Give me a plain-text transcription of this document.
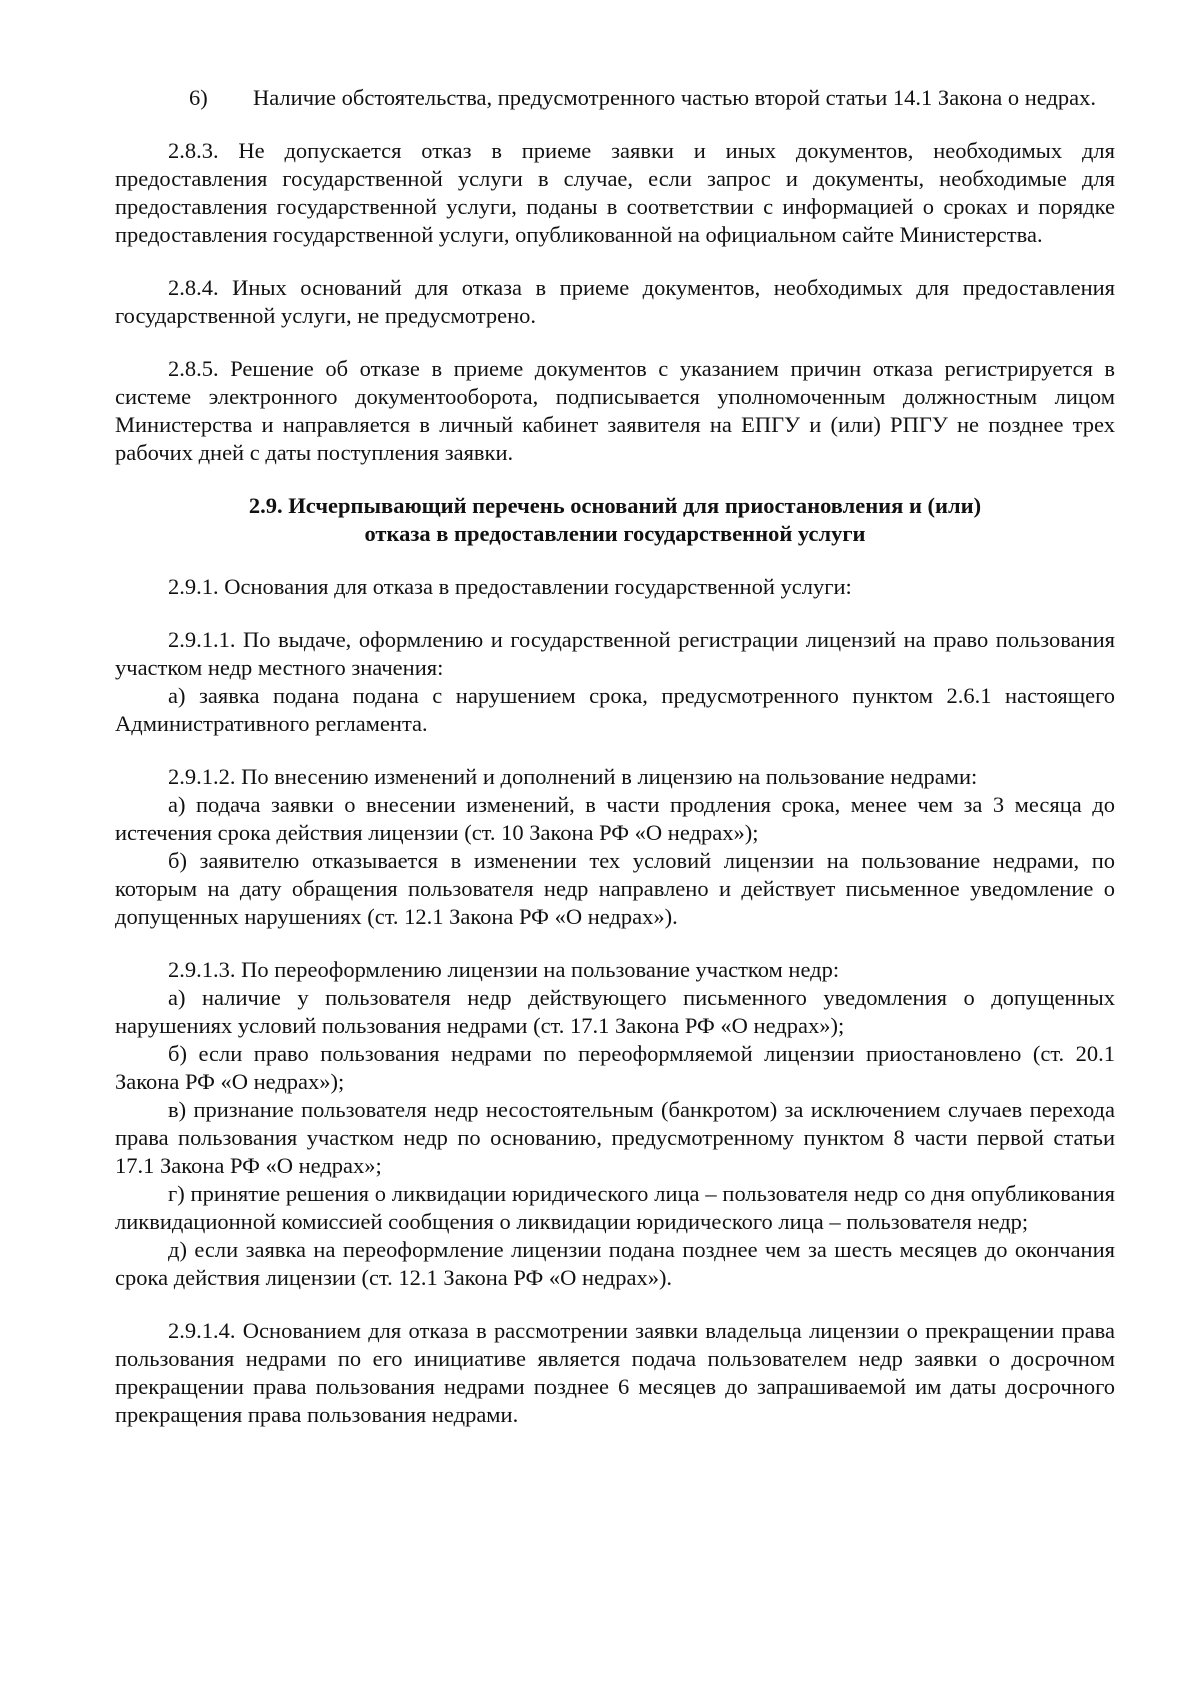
6) Наличие обстоятельства, предусмотренного частью второй статьи 14.1 Закона о недрах.

2.8.3. Не допускается отказ в приеме заявки и иных документов, необходимых для предоставления государственной услуги в случае, если запрос и документы, необходимые для предоставления государственной услуги, поданы в соответствии с информацией о сроках и порядке предоставления государственной услуги, опубликованной на официальном сайте Министерства.

2.8.4. Иных оснований для отказа в приеме документов, необходимых для предоставления государственной услуги, не предусмотрено.

2.8.5. Решение об отказе в приеме документов с указанием причин отказа регистрируется в системе электронного документооборота, подписывается уполномоченным должностным лицом Министерства и направляется в личный кабинет заявителя на ЕПГУ и (или) РПГУ не позднее трех рабочих дней с даты поступления заявки.

2.9. Исчерпывающий перечень оснований для приостановления и (или)
отказа в предоставлении государственной услуги

2.9.1. Основания для отказа в предоставлении государственной услуги:

2.9.1.1. По выдаче, оформлению и государственной регистрации лицензий на право пользования участком недр местного значения:

а) заявка подана подана с нарушением срока, предусмотренного пунктом 2.6.1 настоящего Административного регламента.

2.9.1.2. По внесению изменений и дополнений в лицензию на пользование недрами:

а) подача заявки о внесении изменений, в части продления срока, менее чем за 3 месяца до истечения срока действия лицензии (ст. 10 Закона РФ «О недрах»);

б) заявителю отказывается в изменении тех условий лицензии на пользование недрами, по которым на дату обращения пользователя недр направлено и действует письменное уведомление о допущенных нарушениях (ст. 12.1 Закона РФ «О недрах»).

2.9.1.3. По переоформлению лицензии на пользование участком недр:

а) наличие у пользователя недр действующего письменного уведомления о допущенных нарушениях условий пользования недрами (ст. 17.1 Закона РФ «О недрах»);

б) если право пользования недрами по переоформляемой лицензии приостановлено (ст. 20.1 Закона РФ «О недрах»);

в) признание пользователя недр несостоятельным (банкротом) за исключением случаев перехода права пользования участком недр по основанию, предусмотренному пунктом 8 части первой статьи 17.1 Закона РФ «О недрах»;

г) принятие решения о ликвидации юридического лица – пользователя недр со дня опубликования ликвидационной комиссией сообщения о ликвидации юридического лица – пользователя недр;

д) если заявка на переоформление лицензии подана позднее чем за шесть месяцев до окончания срока действия лицензии (ст. 12.1 Закона РФ «О недрах»).

2.9.1.4. Основанием для отказа в рассмотрении заявки владельца лицензии о прекращении права пользования недрами по его инициативе является подача пользователем недр заявки о досрочном прекращении права пользования недрами позднее 6 месяцев до запрашиваемой им даты досрочного прекращения права пользования недрами.
